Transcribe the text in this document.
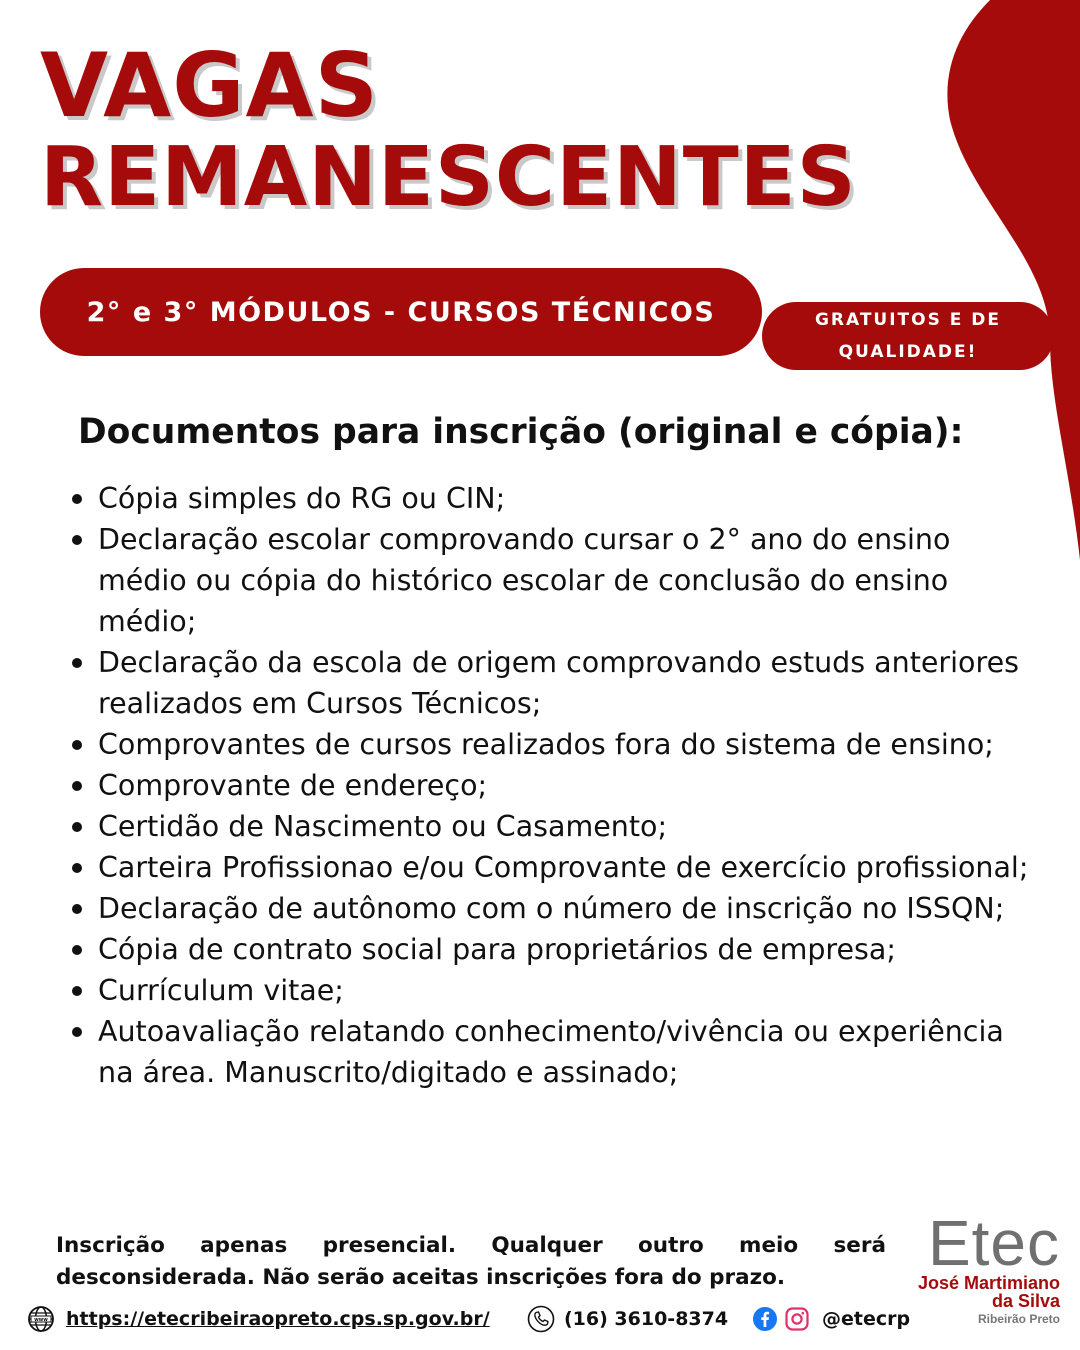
VAGAS
REMANESCENTES
2° e 3° MÓDULOS - CURSOS TÉCNICOS	GRATUITOS E DE QUALIDADE!
Documentos para inscrição (original e cópia):
Cópia simples do RG ou CIN;
Declaração escolar comprovando cursar o 2° ano do ensino médio ou cópia do histórico escolar de conclusão do ensino médio;
Declaração da escola de origem comprovando estuds anteriores realizados em Cursos Técnicos;
Comprovantes de cursos realizados fora do sistema de ensino;
Comprovante de endereço;
Certidão de Nascimento ou Casamento;
Carteira Profissionao e/ou Comprovante de exercício profissional;
Declaração de autônomo com o número de inscrição no ISSQN;
Cópia de contrato social para proprietários de empresa;
Currículum vitae;
Autoavaliação relatando conhecimento/vivência ou experiência na área. Manuscrito/digitado e assinado;

Inscrição apenas presencial. Qualquer outro meio será desconsiderada. Não serão aceitas inscrições fora do prazo.	Etec
José Martimiano
da Silva
Ribeirão Preto
www https://etecribeiraopreto.cps.sp.gov.br/	(16) 3610-8374	@etecrp
